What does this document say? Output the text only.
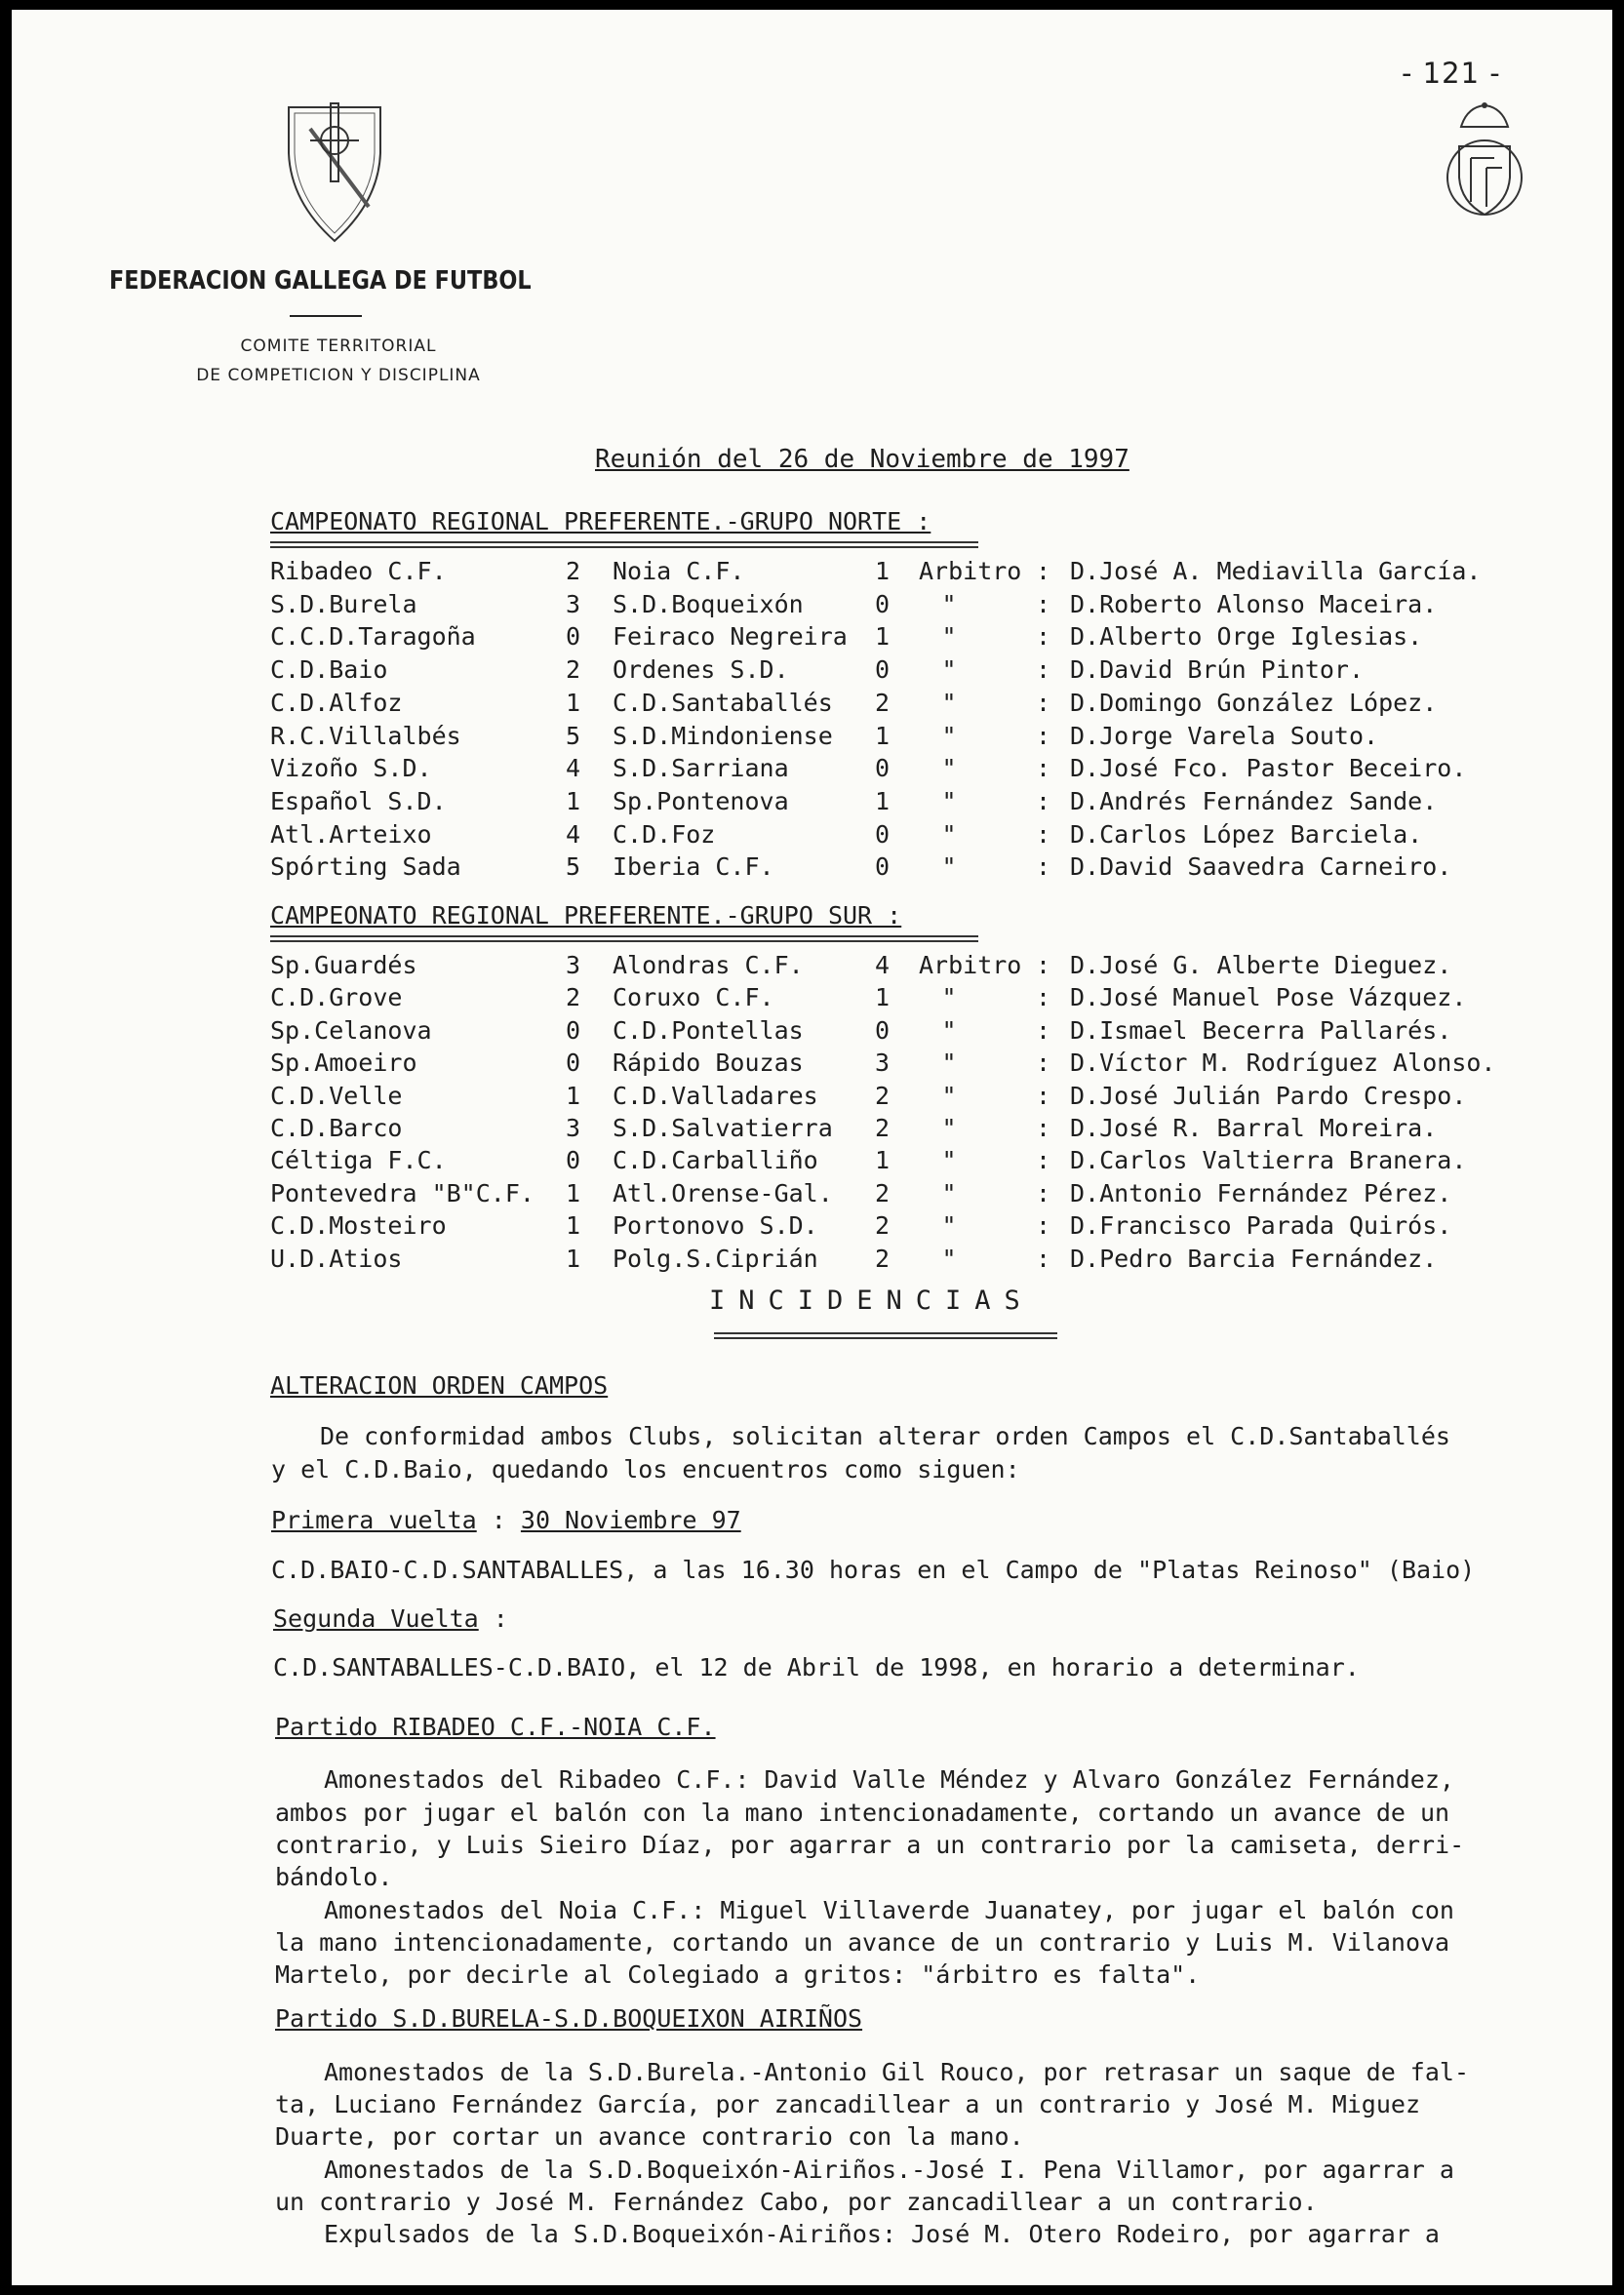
- 121 -
FEDERACION GALLEGA DE FUTBOL
COMITE TERRITORIAL
DE COMPETICION Y DISCIPLINA
Reunión del 26 de Noviembre de 1997
CAMPEONATO REGIONAL PREFERENTE.-GRUPO NORTE :
Ribadeo C.F.	2 Noia C.F.	1 Arbitro : D.José A. Mediavilla García.
S.D.Burela	3 S.D.Boqueixón	0	"	: D.Roberto Alonso Maceira.
C.C.D.Taragoña	0 Feiraco Negreira 1	"	: D.Alberto Orge Iglesias.
C.D.Baio	2 Ordenes S.D.	0	"	: D.David Brún Pintor.
C.D.Alfoz	1 C.D.Santaballés 2	"	: D.Domingo González López.
R.C.Villalbés	5 S.D.Mindoniense 1	"	: D.Jorge Varela Souto.
Vizoño S.D.	4 S.D.Sarriana	0	"	: D.José Fco. Pastor Beceiro.
Español S.D.	1 Sp.Pontenova	1	"	: D.Andrés Fernández Sande.
Atl.Arteixo	4 C.D.Foz	0	"	: D.Carlos López Barciela.
Spórting Sada	5 Iberia C.F.	0	"	: D.David Saavedra Carneiro.
CAMPEONATO REGIONAL PREFERENTE.-GRUPO SUR :
Sp.Guardés	3 Alondras C.F.	4 Arbitro : D.José G. Alberte Dieguez.
C.D.Grove	2 Coruxo C.F.	1	"	: D.José Manuel Pose Vázquez.
Sp.Celanova	0 C.D.Pontellas	0	"	: D.Ismael Becerra Pallarés.
Sp.Amoeiro	0 Rápido Bouzas	3	"	: D.Víctor M. Rodríguez Alonso.
C.D.Velle	1 C.D.Valladares 2	"	: D.José Julián Pardo Crespo.
C.D.Barco	3 S.D.Salvatierra 2	"	: D.José R. Barral Moreira.
Céltiga F.C.	0 C.D.Carballiño 1	"	: D.Carlos Valtierra Branera.
Pontevedra "B"C.F. 1 Atl.Orense-Gal. 2	"	: D.Antonio Fernández Pérez.
C.D.Mosteiro	1 Portonovo S.D. 2	"	: D.Francisco Parada Quirós.
U.D.Atios	1 Polg.S.Ciprián 2	"	: D.Pedro Barcia Fernández.
INCIDENCIAS
ALTERACION ORDEN CAMPOS
De conformidad ambos Clubs, solicitan alterar orden Campos el C.D.Santaballés
y el C.D.Baio, quedando los encuentros como siguen:
Primera vuelta : 30 Noviembre 97
C.D.BAIO-C.D.SANTABALLES, a las 16.30 horas en el Campo de "Platas Reinoso" (Baio)
Segunda Vuelta :
C.D.SANTABALLES-C.D.BAIO, el 12 de Abril de 1998, en horario a determinar.
Partido RIBADEO C.F.-NOIA C.F.
Amonestados del Ribadeo C.F.: David Valle Méndez y Alvaro González Fernández,
ambos por jugar el balón con la mano intencionadamente, cortando un avance de un
contrario, y Luis Sieiro Díaz, por agarrar a un contrario por la camiseta, derri-
bándolo.
Amonestados del Noia C.F.: Miguel Villaverde Juanatey, por jugar el balón con
la mano intencionadamente, cortando un avance de un contrario y Luis M. Vilanova
Martelo, por decirle al Colegiado a gritos: "árbitro es falta".
Partido S.D.BURELA-S.D.BOQUEIXON AIRIÑOS
Amonestados de la S.D.Burela.-Antonio Gil Rouco, por retrasar un saque de fal-
ta, Luciano Fernández García, por zancadillear a un contrario y José M. Miguez
Duarte, por cortar un avance contrario con la mano.
Amonestados de la S.D.Boqueixón-Airiños.-José I. Pena Villamor, por agarrar a
un contrario y José M. Fernández Cabo, por zancadillear a un contrario.
Expulsados de la S.D.Boqueixón-Airiños: José M. Otero Rodeiro, por agarrar a
